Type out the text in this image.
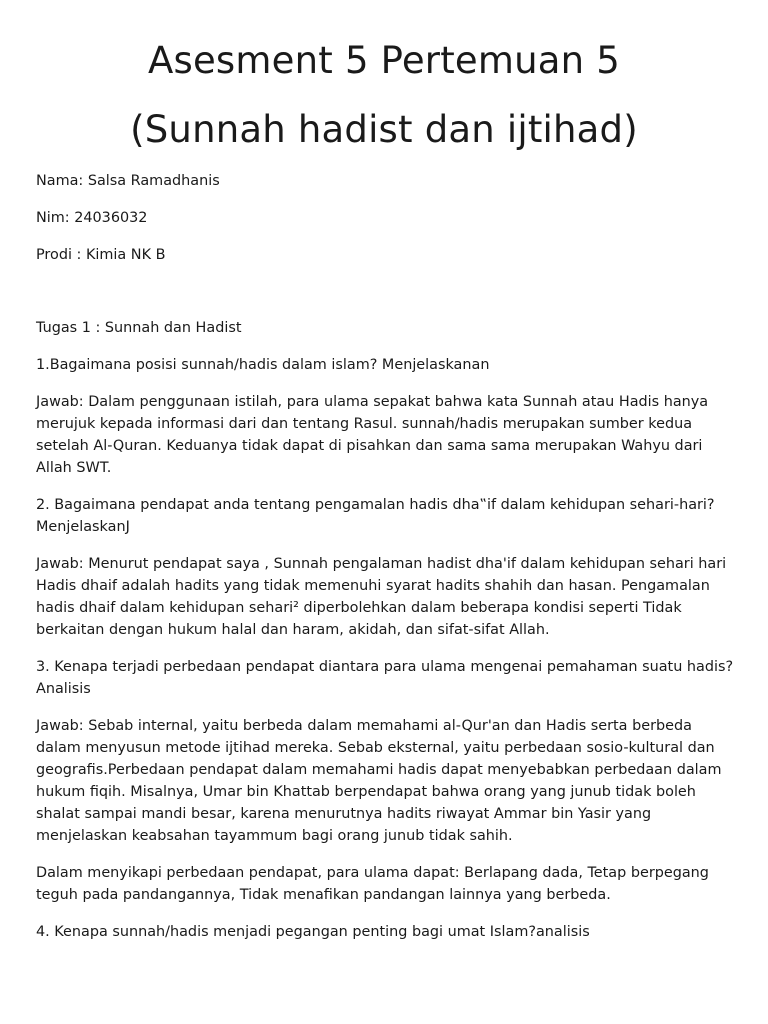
Asesment 5 Pertemuan 5
(Sunnah hadist dan ijtihad)

Nama: Salsa Ramadhanis

Nim: 24036032

Prodi : Kimia NK B

Tugas 1 : Sunnah dan Hadist

1.Bagaimana posisi sunnah/hadis dalam islam? Menjelaskanan

Jawab: Dalam penggunaan istilah, para ulama sepakat bahwa kata Sunnah atau Hadis hanya merujuk kepada informasi dari dan tentang Rasul. sunnah/hadis merupakan sumber kedua setelah Al-Quran. Keduanya tidak dapat di pisahkan dan sama sama merupakan Wahyu dari Allah SWT.

2. Bagaimana pendapat anda tentang pengamalan hadis dha‟if dalam kehidupan sehari-hari? MenjelaskanJ

Jawab: Menurut pendapat saya , Sunnah pengalaman hadist dha'if dalam kehidupan sehari hari Hadis dhaif adalah hadits yang tidak memenuhi syarat hadits shahih dan hasan. Pengamalan hadis dhaif dalam kehidupan sehari² diperbolehkan dalam beberapa kondisi seperti Tidak berkaitan dengan hukum halal dan haram, akidah, dan sifat-sifat Allah.

3. Kenapa terjadi perbedaan pendapat diantara para ulama mengenai pemahaman suatu hadis? Analisis

Jawab: Sebab internal, yaitu berbeda dalam memahami al-Qur'an dan Hadis serta berbeda dalam menyusun metode ijtihad mereka. Sebab eksternal, yaitu perbedaan sosio-kultural dan geografis.Perbedaan pendapat dalam memahami hadis dapat menyebabkan perbedaan dalam hukum fiqih. Misalnya, Umar bin Khattab berpendapat bahwa orang yang junub tidak boleh shalat sampai mandi besar, karena menurutnya hadits riwayat Ammar bin Yasir yang menjelaskan keabsahan tayammum bagi orang junub tidak sahih.

Dalam menyikapi perbedaan pendapat, para ulama dapat: Berlapang dada, Tetap berpegang teguh pada pandangannya, Tidak menafikan pandangan lainnya yang berbeda.

4. Kenapa sunnah/hadis menjadi pegangan penting bagi umat Islam?analisis
